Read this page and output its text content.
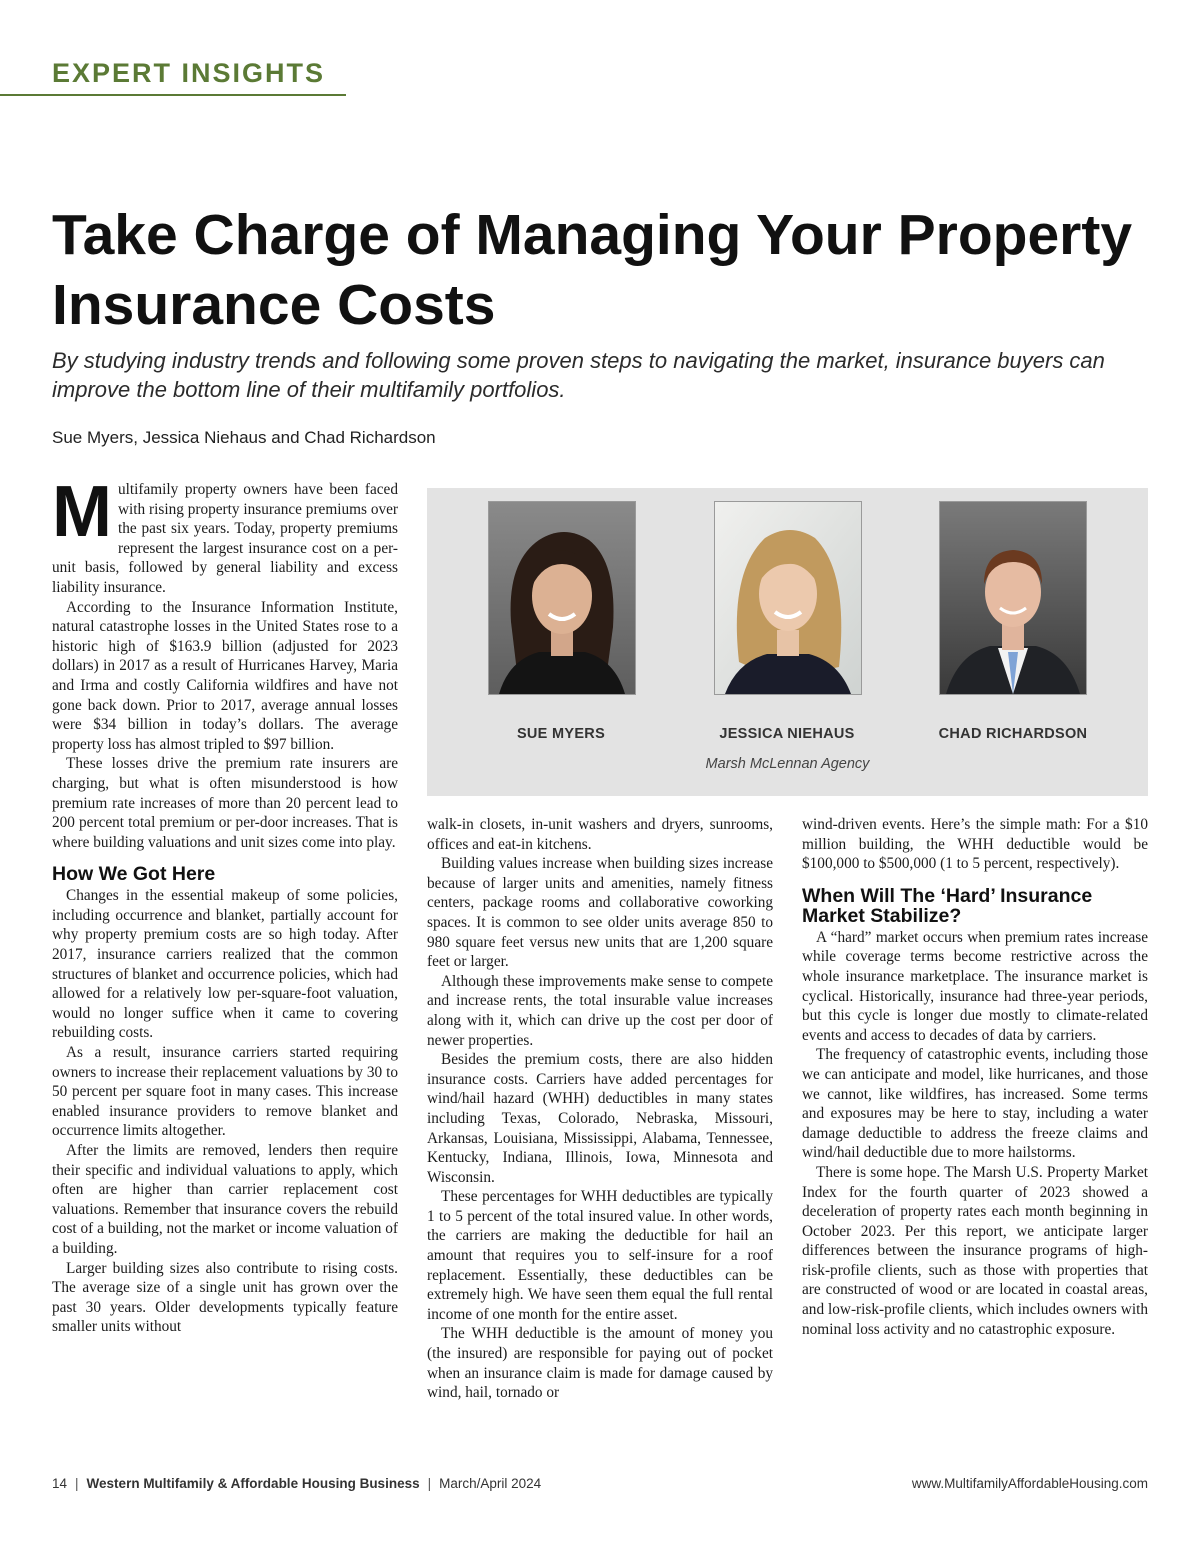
EXPERT INSIGHTS
Take Charge of Managing Your Property Insurance Costs

By studying industry trends and following some proven steps to navigating the market, insurance buyers can improve the bottom line of their multifamily portfolios.

Sue Myers, Jessica Niehaus and Chad Richardson

Multifamily property owners have been faced with rising property insurance premiums over the past six years. Today, property premiums represent the largest insurance cost on a per-unit basis, followed by general liability and excess liability insurance.

According to the Insurance Information Institute, natural catastrophe losses in the United States rose to a historic high of $163.9 billion (adjusted for 2023 dollars) in 2017 as a result of Hurricanes Harvey, Maria and Irma and costly California wildfires and have not gone back down. Prior to 2017, average annual losses were $34 billion in today’s dollars. The average property loss has almost tripled to $97 billion.

These losses drive the premium rate insurers are charging, but what is often misunderstood is how premium rate increases of more than 20 percent lead to 200 percent total premium or per-door increases. That is where building valuations and unit sizes come into play.

How We Got Here

Changes in the essential makeup of some policies, including occurrence and blanket, partially account for why property premium costs are so high today. After 2017, insurance carriers realized that the common structures of blanket and occurrence policies, which had allowed for a relatively low per-square-foot valuation, would no longer suffice when it came to covering rebuilding costs.

As a result, insurance carriers started requiring owners to increase their replacement valuations by 30 to 50 percent per square foot in many cases. This increase enabled insurance providers to remove blanket and occurrence limits altogether.

After the limits are removed, lenders then require their specific and individual valuations to apply, which often are higher than carrier replacement cost valuations. Remember that insurance covers the rebuild cost of a building, not the market or income valuation of a building.

Larger building sizes also contribute to rising costs. The average size of a single unit has grown over the past 30 years. Older developments typically feature smaller units without

SUE MYERS	JESSICA NIEHAUS	CHAD RICHARDSON
Marsh McLennan Agency

walk-in closets, in-unit washers and dryers, sunrooms, offices and eat-in kitchens.

Building values increase when building sizes increase because of larger units and amenities, namely fitness centers, package rooms and collaborative coworking spaces. It is common to see older units average 850 to 980 square feet versus new units that are 1,200 square feet or larger.

Although these improvements make sense to compete and increase rents, the total insurable value increases along with it, which can drive up the cost per door of newer properties.

Besides the premium costs, there are also hidden insurance costs. Carriers have added percentages for wind/hail hazard (WHH) deductibles in many states including Texas, Colorado, Nebraska, Missouri, Arkansas, Louisiana, Mississippi, Alabama, Tennessee, Kentucky, Indiana, Illinois, Iowa, Minnesota and Wisconsin.

These percentages for WHH deductibles are typically 1 to 5 percent of the total insured value. In other words, the carriers are making the deductible for hail an amount that requires you to self-insure for a roof replacement. Essentially, these deductibles can be extremely high. We have seen them equal the full rental income of one month for the entire asset.

The WHH deductible is the amount of money you (the insured) are responsible for paying out of pocket when an insurance claim is made for damage caused by wind, hail, tornado or

wind-driven events. Here’s the simple math: For a $10 million building, the WHH deductible would be $100,000 to $500,000 (1 to 5 percent, respectively).

When Will The ‘Hard’ Insurance Market Stabilize?

A “hard” market occurs when premium rates increase while coverage terms become restrictive across the whole insurance marketplace. The insurance market is cyclical. Historically, insurance had three-year periods, but this cycle is longer due mostly to climate-related events and access to decades of data by carriers.

The frequency of catastrophic events, including those we can anticipate and model, like hurricanes, and those we cannot, like wildfires, has increased. Some terms and exposures may be here to stay, including a water damage deductible to address the freeze claims and wind/hail deductible due to more hailstorms.

There is some hope. The Marsh U.S. Property Market Index for the fourth quarter of 2023 showed a deceleration of property rates each month beginning in October 2023. Per this report, we anticipate larger differences between the insurance programs of high-risk-profile clients, such as those with properties that are constructed of wood or are located in coastal areas, and low-risk-profile clients, which includes owners with nominal loss activity and no catastrophic exposure.

14 | Western Multifamily & Affordable Housing Business | March/April 2024	www.MultifamilyAffordableHousing.com
